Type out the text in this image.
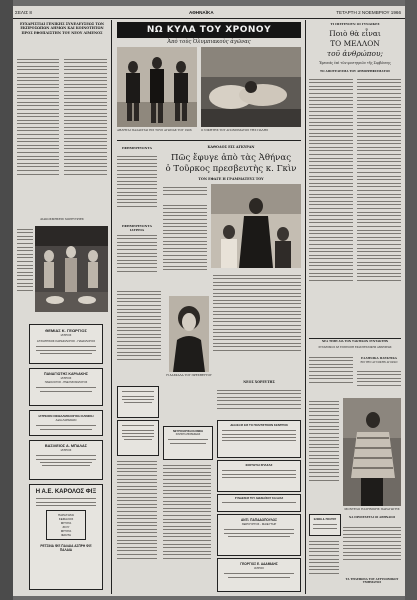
ΣΕΛΙΣ 8	ΑΘΗΝΑΪΚΑ	ΤΕΤΑΡΤΗ 2 ΝΟΕΜΒΡΙΟΥ 1966
ΕΥΧΑΡΙΣΤΙΑΙ ΓΕΝΙΚΗΣ ΣΥΝΕΛΕΥΣΕΩΣ ΤΩΝ ΕΚΠΡΟΣΩΠΩΝ ΔΗΜΩΝ ΚΑΙ ΚΟΙΝΟΤΗΤΩΝ ΠΡΟΣ ΕΦΟΠΛΙΣΤΗΝ ΤΟΥ ΝΕΟΥ ΛΙΜΕΝΟΣ
ΔΙΑΚΟΣΜΗΣΕΙΣ ΧΟΡΕΥΤΡΙΕΣ
ΘΕΜΙΑΣ Κ. ΓΕΩΡΓΙΟΣ
ΙΑΤΡΟΣ
ΑΓΧΙΑΤΡΙΚΟΣ ΚΑΡΔΙΟΛΟΓΟΣ - ΠΑΘΟΛΟΓΟΣ
ΠΑΝΑΓΙΩΤΗΣ ΚΑΡΛΑΚΗΣ
ΙΑΤΡΟΣ
ΠΑΘΟΛΟΓΟΣ - ΠΝΕΥΜΟΝΟΛΟΓΟΣ
ΙΑΤΡΕΙΟΝ ΟΦΘΑΛΜΟΛΟΓΙΚΗ ΚΛΙΝΙΚΗ
ΑΞΙΑ ΛΑΡΑΚΙΩΝ
ΒΑΣΙΛΕΙΟΣ Α. ΜΠΑΛΑΣ
ΙΑΤΡΟΣ
Η Α.Ε. ΚΑΡΟΛΟΣ ΦΙΞ
ΠΑΡΑΓΩΓΑΙ
ΚΕΦΑΛΟΣ
ΜΠΥΡΑ
ΖΙΟΥ
ΜΠΥΡΑ
ΦΑΝΤΑ
ΡΕΤΣΙΝΑ ΦΙΞ ΠΑΛΑΙΑ ΑΣΠΡΗ ΦΙΞ ΠΑΛΑΙΑ
ΝΩ ΚΥΛΑ ΤΟΥ ΧΡΟΝΟΥ
Ἀπὸ τοὺς Ὀλυμπιακοὺς ἀγῶνας
ΑΘΛΗΤΑΙ ΠΑΛΑΙΣΤΑΙ ΕΙΣ ΤΟΥΣ ΑΓΩΝΑΣ ΤΟΥ 1906	Ο ΝΙΚΗΤΗΣ ΤΟΥ ΑΓΩΝΙΣΜΑΤΟΣ ΤΗΣ ΠΑΛΗΣ
ΕΦΗΜΕΡΕΥΟΝΤΑ
ΕΦΗΜΕΡΕΥΟΝΤΑ ΙΑΤΡΕΙΑ
ΚΑΘΟΔΟΣ ΕΙΣ ΑΓΚΥΡΑΝ
Πῶς ἔφυγε ἀπὸ τὰς Ἀθήνας
ὁ Τοῦρκος πρεσβευτὴς κ. Γκὶν
ΤΟΝ ΕΦΑΓΕ Η ΓΡΑΜΜΑΤΕΥΣ ΤΟΥ
Η ΔΑΣΚΑΛΑ ΤΟΥ ΠΡΕΣΒΕΥΤΟΥ
ΝΕΟΣ ΧΟΡΕΥΤΗΣ
ΔΙΑΛΕΞΙΣ ΕΙΣ ΤΟ ΠΟΛΙΤΙΣΤΙΚΟΝ ΚΕΝΤΡΟΝ
ΦΟΙΤΗΤΑΙ ΣΠΑΣΑΣ
ΣΥΝΔΕΣΕΙΣ ΤΟΥ ΑΘΗΝΑΪΚΟΥ ΚΑΙ ΔΙΑΣ
ΑΝΤΙ. ΠΑΠΑΔΟΠΟΥΛΟΣ
ΧΕΙΡΟΥΡΓΟΣ - ΜΑΙΕΥΤΗΡ
ΓΕΩΡΓΙΟΣ Ε. ΑΔΑΜΙΔΗΣ
ΙΑΤΡΟΣ
ΝΕΥΡΟΛΟΓΙΚΗ ΚΛΙΝΙΚΗ
ΚΙΝΗΣΗ ΑΠΟΘΕΣΕΩΣ
ΤΙ ΠΙΣΤΕΥΟΥΝ ΟΙ ΓΥΝΑΙΚΕΣ
Ποιὸ θὰ εἶναι
ΤΟ ΜΕΛΛΟΝ
τοῦ ἀνθρώπου;
Ἐρευνάς ἐπὶ τῶν φοιτητριῶν τῆς Σορβόννης
ΤΟ ΑΠΟΤΕΛΕΣΜΑ ΤΟΥ ΔΗΜΟΨΗΦΙΣΜΑΤΟΣ
ΝΕΑ ΤΙΜΗ ΔΙΑ ΤΟΝ ΤΑΚΤΙΚΟΝ ΣΥΝΤΑΚΤΗΝ
ΣΥΝΔΕΣΜΟΣ ΔΕ ΕΠΙΤΡΟΠΗ ΕΡΑΣΙΤΕΧΝΙΚΗΣ ΑΘΛΗΣΕΩΣ
ΕΛΛΗΝΙΚΑ ΠΛΕΚΤΙΚΑ
ΕΙΣ ΤΗΝ ΑΓΓΛΙΚΗΝ ΑΓΟΡΑΝ
ΜΟΝΤΕΛΟ ΕΛΛΗΝΙΚΗΣ ΠΑΡΑΓΩΓΗΣ
ΕΛΕΝΗ Δ. ΠΟΛΙΤΟΥ
ΝΑ ΠΡΟΣΕΧΕΤΑΙ ΟΙ ΑΘΗΝΑΙΟΙ
ΤΑ ΤΗΛΕΦΩΝΑ ΤΟΥ ΑΣΤΥΝΟΜΙΚΟΥ ΤΜΗΜΑΤΟΣ
